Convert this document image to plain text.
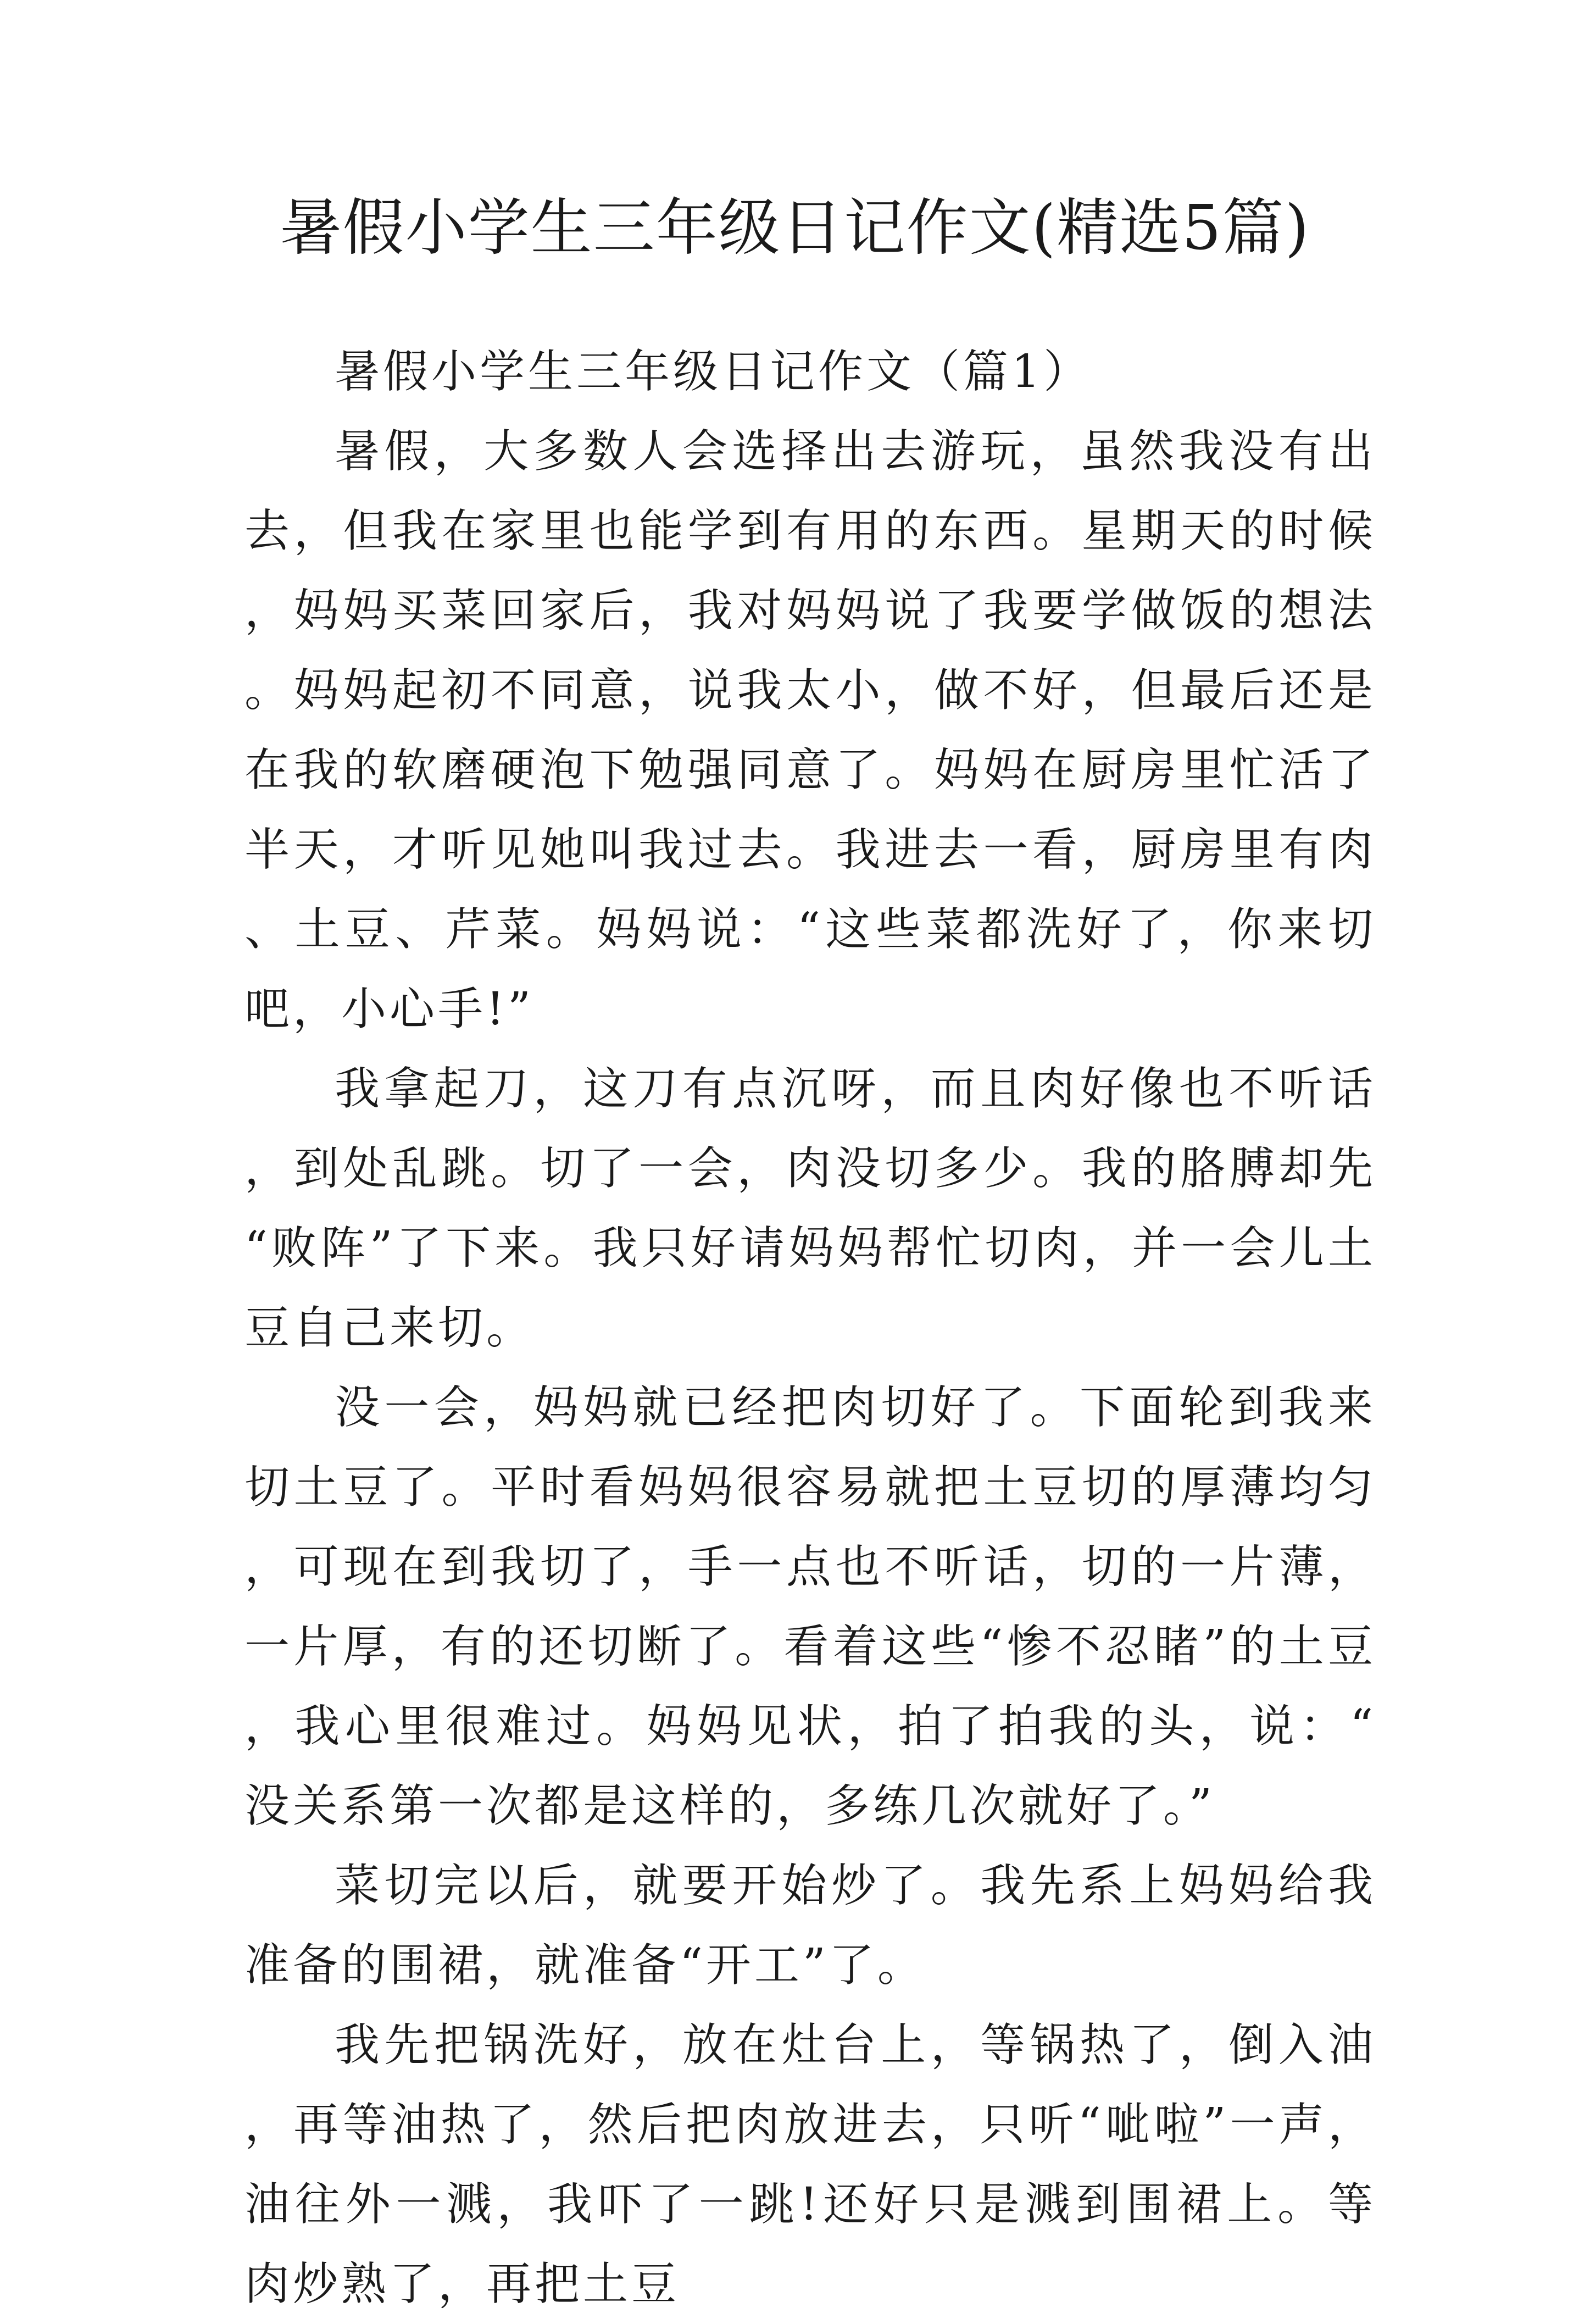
暑假小学生三年级日记作文(精选5篇)
暑假小学生三年级日记作文（篇1）

暑假，大多数人会选择出去游玩，虽然我没有出去，但我在家里也能学到有用的东西。星期天的时候，妈妈买菜回家后，我对妈妈说了我要学做饭的想法。妈妈起初不同意，说我太小，做不好，但最后还是在我的软磨硬泡下勉强同意了。妈妈在厨房里忙活了半天，才听见她叫我过去。我进去一看，厨房里有肉、土豆、芹菜。妈妈说：“这些菜都洗好了，你来切吧，小心手!”

我拿起刀，这刀有点沉呀，而且肉好像也不听话，到处乱跳。切了一会，肉没切多少。我的胳膊却先“败阵”了下来。我只好请妈妈帮忙切肉，并一会儿土豆自己来切。

没一会，妈妈就已经把肉切好了。下面轮到我来切土豆了。平时看妈妈很容易就把土豆切的厚薄均匀，可现在到我切了，手一点也不听话，切的一片薄，一片厚，有的还切断了。看着这些“惨不忍睹”的土豆，我心里很难过。妈妈见状，拍了拍我的头，说：“没关系第一次都是这样的，多练几次就好了。”

菜切完以后，就要开始炒了。我先系上妈妈给我准备的围裙，就准备“开工”了。

我先把锅洗好，放在灶台上，等锅热了，倒入油，再等油热了，然后把肉放进去，只听“呲啦”一声，油往外一溅，我吓了一跳!还好只是溅到围裙上。等肉炒熟了，再把土豆
